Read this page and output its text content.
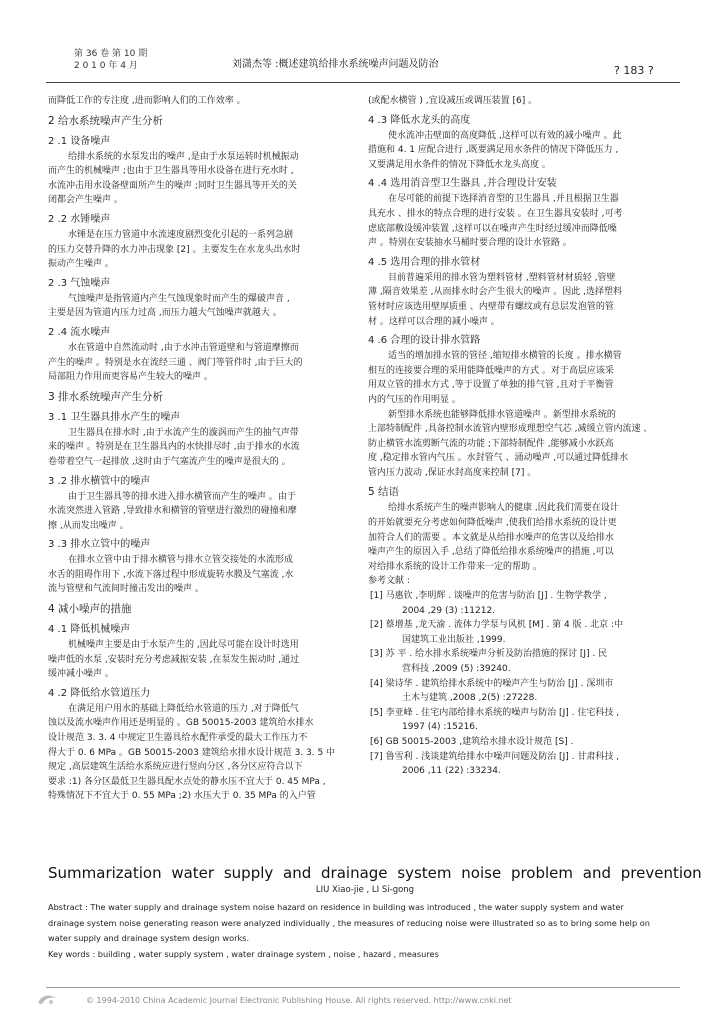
第 36 卷 第 10 期
2 0 1 0 年 4 月	刘潇杰等 :概述建筑给排水系统噪声问题及防治	? 183 ?

而降低工作的专注度 ,进而影响人们的工作效率 。

2 给水系统噪声产生分析

2 .1 设备噪声

给排水系统的水泵发出的噪声 ,是由于水泵运转时机械振动

而产生的机械噪声 ;也由于卫生器具等用水设备在进行充水时 ,

水流冲击用水设备壁面所产生的噪声 ;同时卫生器具等开关的关

闭都会产生噪声 。

2 .2 水锤噪声

水锤是在压力管道中水流速度剧烈变化引起的一系列急剧

的压力交替升降的水力冲击现象 [2] 。主要发生在水龙头出水时

振动产生噪声 。

2 .3 气蚀噪声

气蚀噪声是指管道内产生气蚀现象时而产生的爆破声音 ,

主要是因为管道内压力过高 ,而压力越大气蚀噪声就越大 。

2 .4 流水噪声

水在管道中自然流动时 ,由于水冲击管道壁和与管道摩擦而

产生的噪声 。特别是水在流经三通 、阀门等管件时 ,由于巨大的

局部阻力作用而更容易产生较大的噪声 。

3 排水系统噪声产生分析

3 .1 卫生器具排水产生的噪声

卫生器具在排水时 ,由于水流产生的漩涡而产生的抽气声带

来的噪声 。特别是在卫生器具内的水快排尽时 ,由于排水的水流

卷带着空气一起排放 ,这时由于气塞流产生的噪声是很大的 。

3 .2 排水横管中的噪声

由于卫生器具等的排水进入排水横管而产生的噪声 。由于

水流突然进入管路 ,导致排水和横管的管壁进行激烈的碰撞和摩

擦 ,从而发出噪声 。

3 .3 排水立管中的噪声

在排水立管中由于排水横管与排水立管交接处的水流形成

水舌的阻碍作用下 ,水流下落过程中形成旋转水膜及气塞流 ,水

流与管壁和气流间时撞击发出的噪声 。

4 减小噪声的措施

4 .1 降低机械噪声

机械噪声主要是由于水泵产生的 ,因此尽可能在设计时选用

噪声低的水泵 ,安装时充分考虑减振安装 ,在泵发生振动时 ,通过

缓冲减小噪声 。

4 .2 降低给水管道压力

在满足用户用水的基础上降低给水管道的压力 ,对于降低气

蚀以及流水噪声作用还是明显的 。GB 50015-2003 建筑给水排水

设计规范 3. 3. 4 中规定卫生器具给水配件承受的最大工作压力不

得大于 0. 6 MPa 。GB 50015-2003 建筑给水排水设计规范 3. 3. 5 中

规定 ,高层建筑生活给水系统应进行竖向分区 ,各分区应符合以下

要求 :1) 各分区最低卫生器具配水点处的静水压不宜大于 0. 45 MPa ,

特殊情况下不宜大于 0. 55 MPa ;2) 水压大于 0. 35 MPa 的入户管

(或配水横管 ) ,宜设减压或调压装置 [6] 。

4 .3 降低水龙头的高度

使水流冲击壁面的高度降低 ,这样可以有效的减小噪声 。此

措施和 4. 1 应配合进行 ,既要满足用水条件的情况下降低压力 ,

又要满足用水条件的情况下降低水龙头高度 。

4 .4 选用消音型卫生器具 ,并合理设计安装

在尽可能的前提下选择消音型的卫生器具 ,并且根据卫生器

具充水 、排水的特点合理的进行安装 。在卫生器具安装时 ,可考

虑底部敷设缓冲装置 ,这样可以在噪声产生时经过缓冲而降低噪

声 。特别在安装抽水马桶时要合理的设计水管路 。

4 .5 选用合理的排水管材

目前普遍采用的排水管为塑料管材 ,塑料管材材质轻 ,管壁

薄 ,隔音效果差 ,从而排水时会产生很大的噪声 。因此 ,选择塑料

管材时应该选用壁厚质重 、内壁带有螺纹或有总层发泡管的管

材 。这样可以合理的减小噪声 。

4 .6 合理的设计排水管路

适当的增加排水管的管径 ,缩短排水横管的长度 。排水横管

相互的连接要合理的采用能降低噪声的方式 。对于高层应该采

用双立管的排水方式 ,等于设置了单独的排气管 ,且对于平衡管

内的气压的作用明显 。

新型排水系统也能够降低排水管道噪声 。新型排水系统的

上部特制配件 ,具备控制水流管内壁形成理想空气芯 ,减缓立管内流速 、

防止横管水流剪断气流的功能 ;下部特制配件 ,能够减小水跃高

度 ,稳定排水管内气压 。水封管气 、涌动噪声 ,可以通过降低排水

管内压力波动 ,保证水封高度来控制 [7] 。

5 结语

给排水系统产生的噪声影响人的健康 ,因此我们需要在设计

的开始就要充分考虑如何降低噪声 ,使我们给排水系统的设计更

加符合人们的需要 。本文就是从给排水噪声的危害以及给排水

噪声产生的原因入手 ,总结了降低给排水系统噪声的措施 ,可以

对给排水系统的设计工作带来一定的帮助 。

参考文献 :

[1] 马惠钦 ,李明辉 . 谈噪声的危害与防治 [J] . 生物学教学 ,

2004 ,29 (3) :11212.

[2] 蔡增基 ,龙天渝 . 流体力学泵与风机 [M] . 第 4 版 . 北京 :中

国建筑工业出版社 ,1999.

[3] 苏 平 . 给水排水系统噪声分析及防治措施的探讨 [J] . 民

营科技 ,2009 (5) :39240.

[4] 梁诗华 . 建筑给排水系统中的噪声产生与防治 [J] . 深圳市

土木与建筑 ,2008 ,2(5) :27228.

[5] 李亚峰 . 住宅内部给排水系统的噪声与防治 [J] . 住宅科技 ,

1997 (4) :15216.

[6] GB 50015-2003 ,建筑给水排水设计规范 [S] .

[7] 鲁雪利 . 浅谈建筑给排水中噪声问题及防治 [J] . 甘肃科技 ,

2006 ,11 (22) :33234.

Summarization water supply and drainage system noise problem and prevention
LIU Xiao-jie , LI Si-gong

Abstract : The water supply and drainage system noise hazard on residence in building was introduced , the water supply system and water

drainage system noise generating reason were analyzed individually , the measures of reducing noise were illustrated so as to bring some help on

water supply and drainage system design works.

Key words : building , water supply system , water drainage system , noise , hazard , measures

© 1994-2010 China Academic Journal Electronic Publishing House. All rights reserved. http://www.cnki.net
